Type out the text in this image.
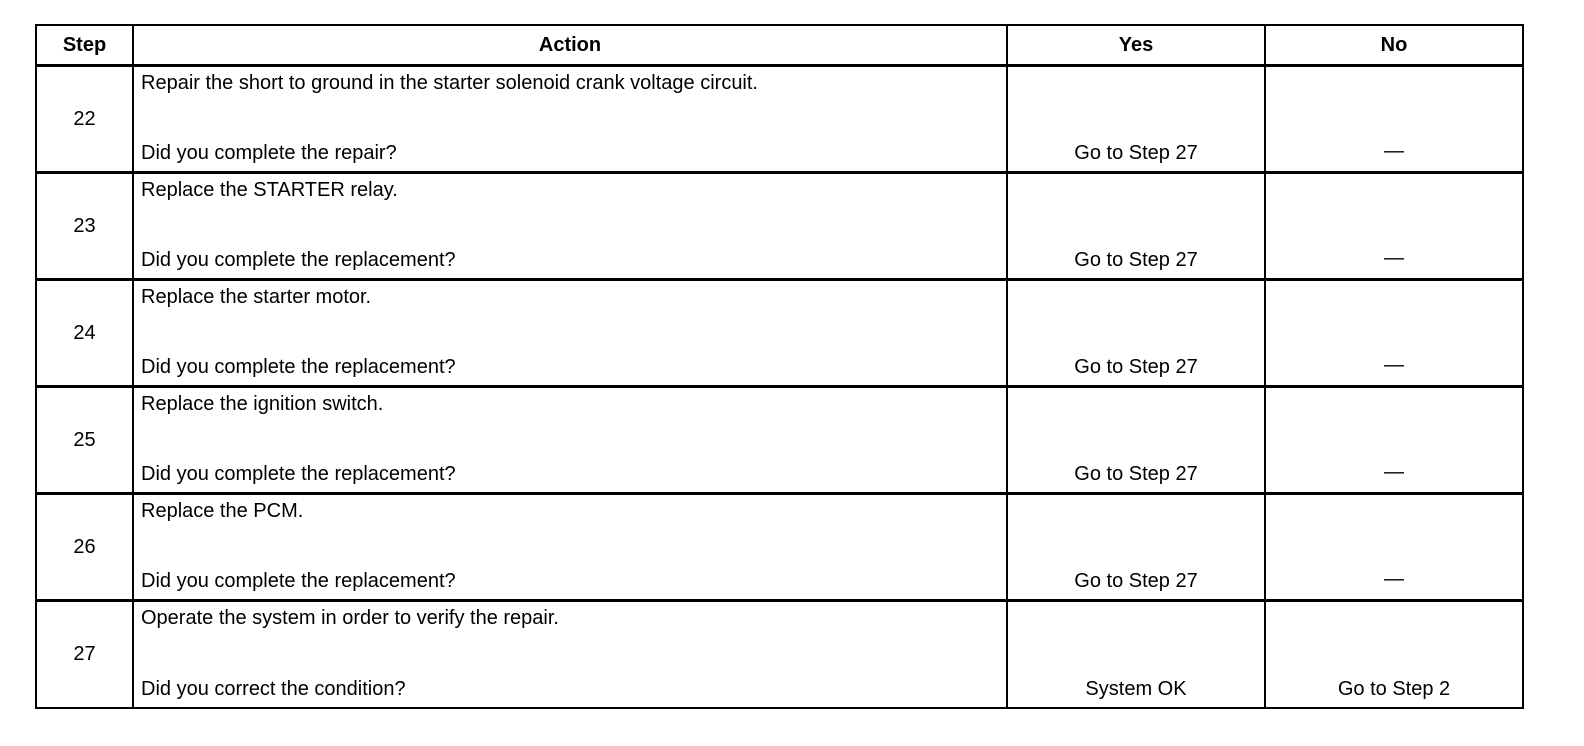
Step	Action	Yes	No
22	Repair the short to ground in the starter solenoid crank voltage circuit.
Did you complete the repair?	Go to Step 27	—

23	Replace the STARTER relay.
Did you complete the replacement?	Go to Step 27	—

24	Replace the starter motor.
Did you complete the replacement?	Go to Step 27	—

25	Replace the ignition switch.
Did you complete the replacement?	Go to Step 27	—

26	Replace the PCM.
Did you complete the replacement?	Go to Step 27	—

27	Operate the system in order to verify the repair.
Did you correct the condition?	System OK	Go to Step 2
